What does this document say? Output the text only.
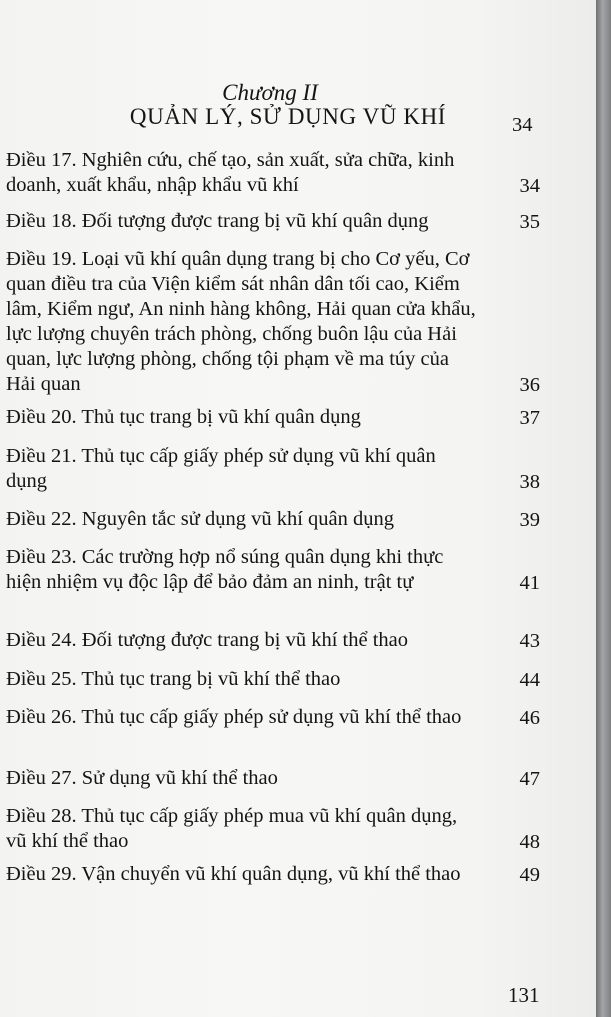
Chương II
QUẢN LÝ, SỬ DỤNG VŨ KHÍ	34
Điều 17. Nghiên cứu, chế tạo, sản xuất, sửa chữa, kinh doanh, xuất khẩu, nhập khẩu vũ khí	34
Điều 18. Đối tượng được trang bị vũ khí quân dụng	35
Điều 19. Loại vũ khí quân dụng trang bị cho Cơ yếu, Cơ quan điều tra của Viện kiểm sát nhân dân tối cao, Kiểm lâm, Kiểm ngư, An ninh hàng không, Hải quan cửa khẩu, lực lượng chuyên trách phòng, chống buôn lậu của Hải quan, lực lượng phòng, chống tội phạm về ma túy của Hải quan	36
Điều 20. Thủ tục trang bị vũ khí quân dụng	37
Điều 21. Thủ tục cấp giấy phép sử dụng vũ khí quân dụng	38
Điều 22. Nguyên tắc sử dụng vũ khí quân dụng	39
Điều 23. Các trường hợp nổ súng quân dụng khi thực hiện nhiệm vụ độc lập để bảo đảm an ninh, trật tự	41
Điều 24. Đối tượng được trang bị vũ khí thể thao	43
Điều 25. Thủ tục trang bị vũ khí thể thao	44
Điều 26. Thủ tục cấp giấy phép sử dụng vũ khí thể thao	46
Điều 27. Sử dụng vũ khí thể thao	47
Điều 28. Thủ tục cấp giấy phép mua vũ khí quân dụng, vũ khí thể thao	48
Điều 29. Vận chuyển vũ khí quân dụng, vũ khí thể thao	49
131
